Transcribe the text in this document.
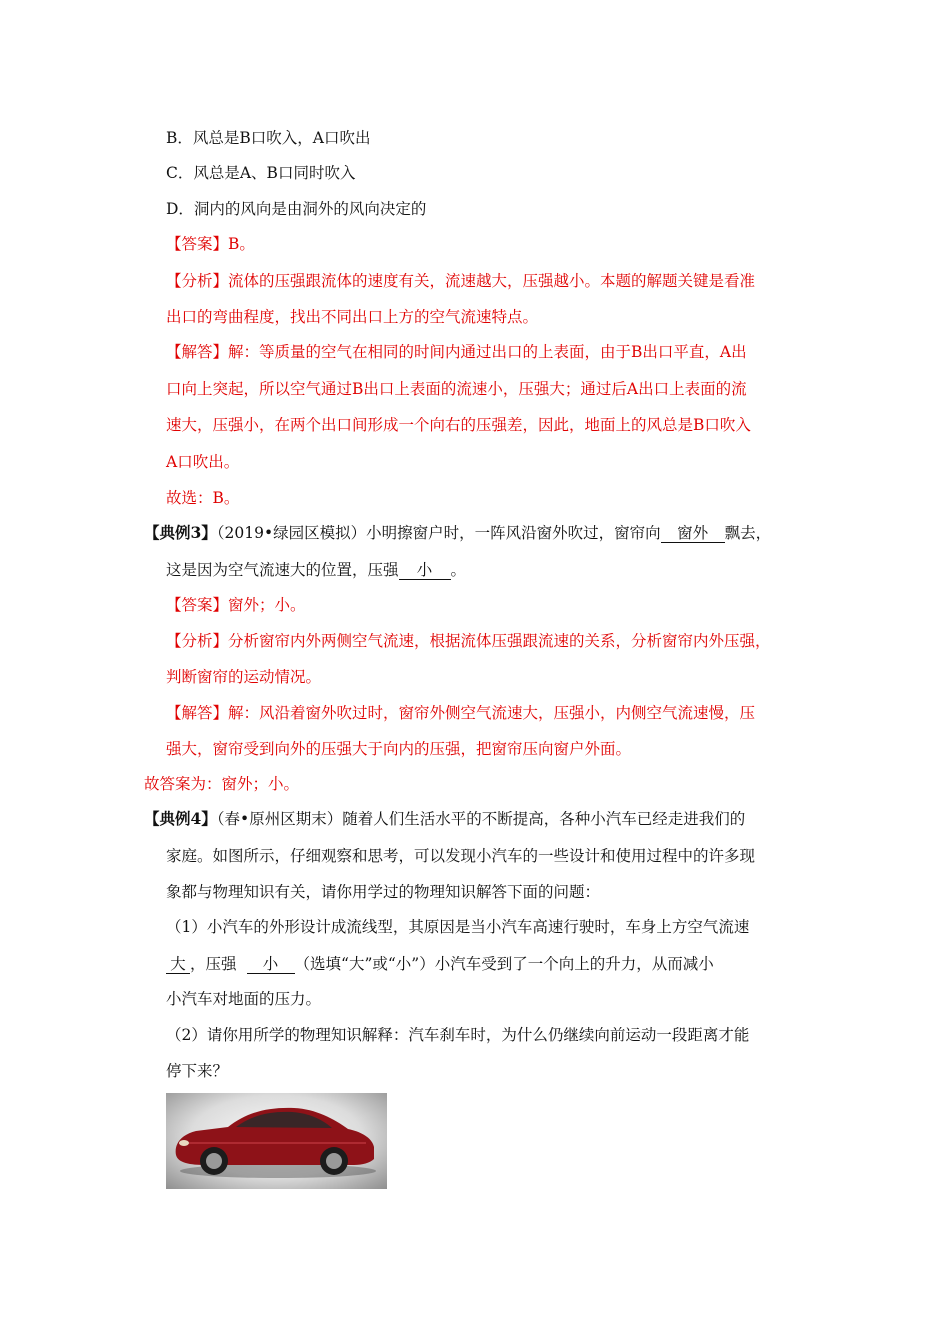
B．风总是B口吹入，A口吹出
C．风总是A、B口同时吹入
D．洞内的风向是由洞外的风向决定的
【答案】B。
【分析】流体的压强跟流体的速度有关，流速越大，压强越小。本题的解题关键是看准
出口的弯曲程度，找出不同出口上方的空气流速特点。
【解答】解：等质量的空气在相同的时间内通过出口的上表面，由于B出口平直，A出
口向上突起，所以空气通过B出口上表面的流速小，压强大；通过后A出口上表面的流
速大，压强小，在两个出口间形成一个向右的压强差，因此，地面上的风总是B口吹入
A口吹出。
故选：B。
【典例3】（2019•绿园区模拟）小明擦窗户时，一阵风沿窗外吹过，窗帘向 窗外 飘去，
这是因为空气流速大的位置，压强 小 。
【答案】窗外；小。
【分析】分析窗帘内外两侧空气流速，根据流体压强跟流速的关系，分析窗帘内外压强，
判断窗帘的运动情况。
【解答】解：风沿着窗外吹过时，窗帘外侧空气流速大，压强小，内侧空气流速慢，压
强大，窗帘受到向外的压强大于向内的压强，把窗帘压向窗户外面。
故答案为：窗外；小。
【典例4】（春•原州区期末）随着人们生活水平的不断提高，各种小汽车已经走进我们的
家庭。如图所示，仔细观察和思考，可以发现小汽车的一些设计和使用过程中的许多现
象都与物理知识有关，请你用学过的物理知识解答下面的问题：
（1）小汽车的外形设计成流线型，其原因是当小汽车高速行驶时，车身上方空气流速
大 ，压强 小 （选填“大”或“小”）小汽车受到了一个向上的升力，从而减小
小汽车对地面的压力。
（2）请你用所学的物理知识解释：汽车刹车时，为什么仍继续向前运动一段距离才能
停下来？
